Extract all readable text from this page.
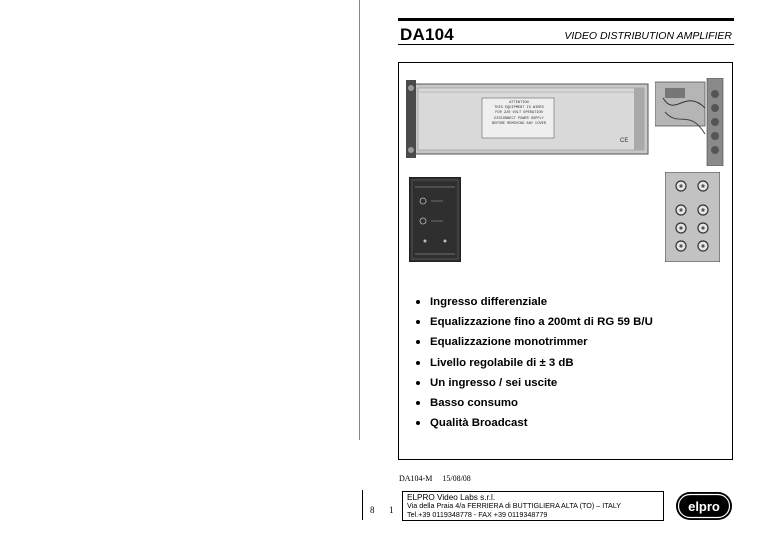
DA104	VIDEO DISTRIBUTION AMPLIFIER
CE
ATTENTION
THIS EQUIPMENT IS WIRED
FOR 220 VOLT OPERATION
DISCONNECT POWER SUPPLY
BEFORE REMOVING ANY COVER
Ingresso differenziale
Equalizzazione fino a 200mt di RG 59 B/U
Equalizzazione monotrimmer
Livello regolabile di ± 3 dB
Un ingresso / sei uscite
Basso consumo
Qualità Broadcast
DA104-M 15/08/08
8 1
ELPRO Video Labs s.r.l.
Via della Praia 4/a FERRIERA di BUTTIGLIERA ALTA (TO) – ITALY
Tel.+39 0119348778 - FAX +39 0119348779
elpro
